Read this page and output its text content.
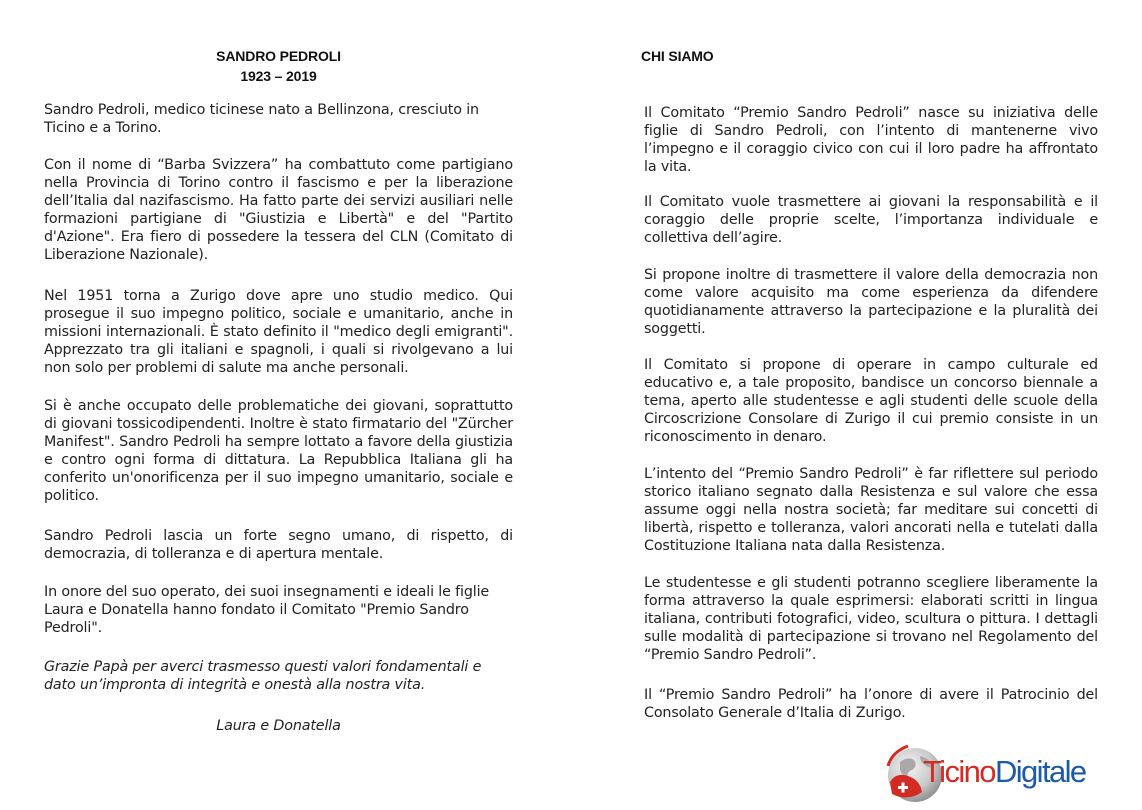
SANDRO PEDROLI
1923 – 2019

Sandro Pedroli, medico ticinese nato a Bellinzona, cresciuto in Ticino e a Torino.

Con il nome di “Barba Svizzera” ha combattuto come partigiano nella Provincia di Torino contro il fascismo e per la liberazione dell’Italia dal nazifascismo. Ha fatto parte dei servizi ausiliari nelle formazioni partigiane di "Giustizia e Libertà" e del "Partito d'Azione". Era fiero di possedere la tessera del CLN (Comitato di Liberazione Nazionale).

Nel 1951 torna a Zurigo dove apre uno studio medico. Qui prosegue il suo impegno politico, sociale e umanitario, anche in missioni internazionali. È stato definito il "medico degli emigranti". Apprezzato tra gli italiani e spagnoli, i quali si rivolgevano a lui non solo per problemi di salute ma anche personali.

Si è anche occupato delle problematiche dei giovani, soprattutto di giovani tossicodipendenti. Inoltre è stato firmatario del "Zürcher Manifest". Sandro Pedroli ha sempre lottato a favore della giustizia e contro ogni forma di dittatura. La Repubblica Italiana gli ha conferito un'onorificenza per il suo impegno umanitario, sociale e politico.

Sandro Pedroli lascia un forte segno umano, di rispetto, di democrazia, di tolleranza e di apertura mentale.

In onore del suo operato, dei suoi insegnamenti e ideali le figlie Laura e Donatella hanno fondato il Comitato "Premio Sandro Pedroli".

Grazie Papà per averci trasmesso questi valori fondamentali e dato un’impronta di integrità e onestà alla nostra vita.

Laura e Donatella

CHI SIAMO

Il Comitato “Premio Sandro Pedroli” nasce su iniziativa delle figlie di Sandro Pedroli, con l’intento di mantenerne vivo l’impegno e il coraggio civico con cui il loro padre ha affrontato la vita.

Il Comitato vuole trasmettere ai giovani la responsabilità e il coraggio delle proprie scelte, l’importanza individuale e collettiva dell’agire.

Si propone inoltre di trasmettere il valore della democrazia non come valore acquisito ma come esperienza da difendere quotidianamente attraverso la partecipazione e la pluralità dei soggetti.

Il Comitato si propone di operare in campo culturale ed educativo e, a tale proposito, bandisce un concorso biennale a tema, aperto alle studentesse e agli studenti delle scuole della Circoscrizione Consolare di Zurigo il cui premio consiste in un riconoscimento in denaro.

L’intento del “Premio Sandro Pedroli” è far riflettere sul periodo storico italiano segnato dalla Resistenza e sul valore che essa assume oggi nella nostra società; far meditare sui concetti di libertà, rispetto e tolleranza, valori ancorati nella e tutelati dalla Costituzione Italiana nata dalla Resistenza.

Le studentesse e gli studenti potranno scegliere liberamente la forma attraverso la quale esprimersi: elaborati scritti in lingua italiana, contributi fotografici, video, scultura o pittura. I dettagli sulle modalità di partecipazione si trovano nel Regolamento del “Premio Sandro Pedroli”.

Il “Premio Sandro Pedroli” ha l’onore di avere il Patrocinio del Consolato Generale d’Italia di Zurigo.

TicinoDigitale
